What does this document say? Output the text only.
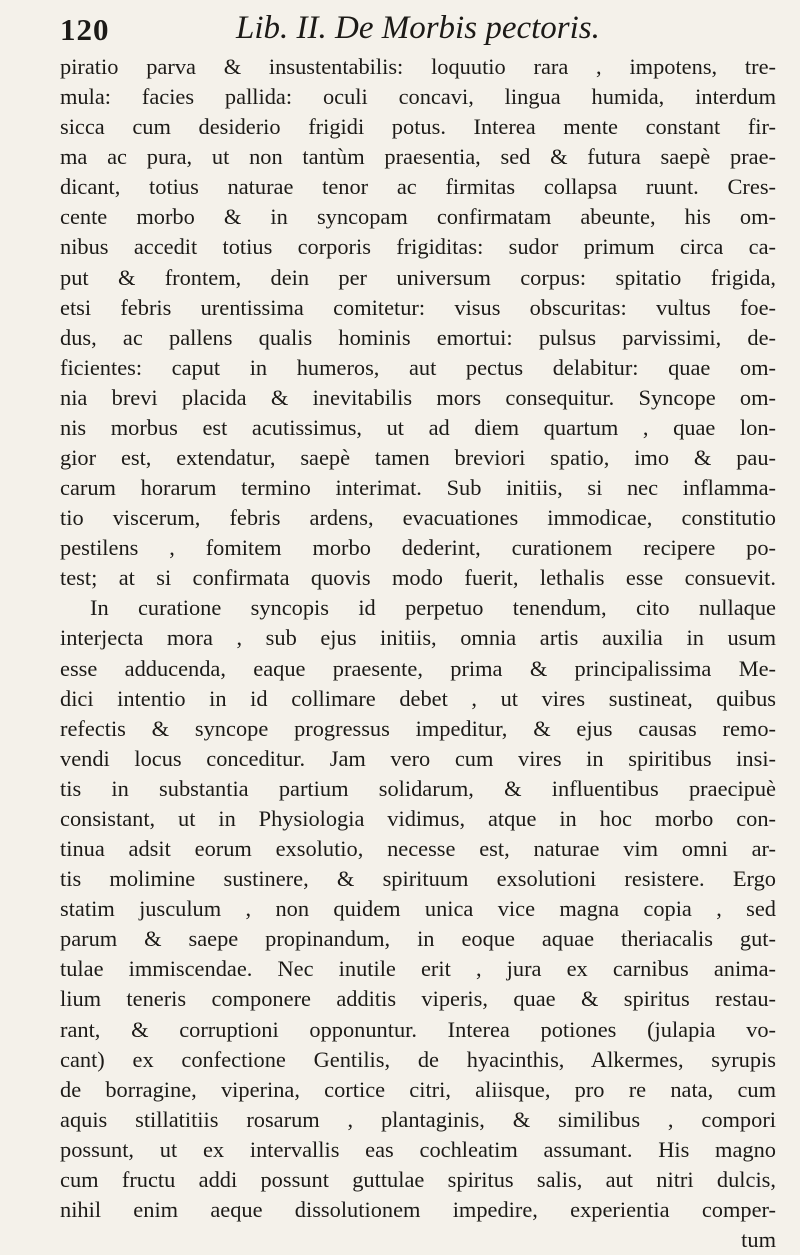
120	Lib. II. De Morbis pectoris.
piratio parva & insustentabilis: loquutio rara , impotens, tre-
mula: facies pallida: oculi concavi, lingua humida, interdum
sicca cum desiderio frigidi potus. Interea mente constant fir-
ma ac pura, ut non tantùm praesentia, sed & futura saepè prae-
dicant, totius naturae tenor ac firmitas collapsa ruunt. Cres-
cente morbo & in syncopam confirmatam abeunte, his om-
nibus accedit totius corporis frigiditas: sudor primum circa ca-
put & frontem, dein per universum corpus: spitatio frigida,
etsi febris urentissima comitetur: visus obscuritas: vultus foe-
dus, ac pallens qualis hominis emortui: pulsus parvissimi, de-
ficientes: caput in humeros, aut pectus delabitur: quae om-
nia brevi placida & inevitabilis mors consequitur. Syncope om-
nis morbus est acutissimus, ut ad diem quartum , quae lon-
gior est, extendatur, saepè tamen breviori spatio, imo & pau-
carum horarum termino interimat. Sub initiis, si nec inflamma-
tio viscerum, febris ardens, evacuationes immodicae, constitutio
pestilens , fomitem morbo dederint, curationem recipere po-
test; at si confirmata quovis modo fuerit, lethalis esse consuevit.
In curatione syncopis id perpetuo tenendum, cito nullaque
interjecta mora , sub ejus initiis, omnia artis auxilia in usum
esse adducenda, eaque praesente, prima & principalissima Me-
dici intentio in id collimare debet , ut vires sustineat, quibus
refectis & syncope progressus impeditur, & ejus causas remo-
vendi locus conceditur. Jam vero cum vires in spiritibus insi-
tis in substantia partium solidarum, & influentibus praecipuè
consistant, ut in Physiologia vidimus, atque in hoc morbo con-
tinua adsit eorum exsolutio, necesse est, naturae vim omni ar-
tis molimine sustinere, & spirituum exsolutioni resistere. Ergo
statim jusculum , non quidem unica vice magna copia , sed
parum & saepe propinandum, in eoque aquae theriacalis gut-
tulae immiscendae. Nec inutile erit , jura ex carnibus anima-
lium teneris componere additis viperis, quae & spiritus restau-
rant, & corruptioni opponuntur. Interea potiones (julapia vo-
cant) ex confectione Gentilis, de hyacinthis, Alkermes, syrupis
de borragine, viperina, cortice citri, aliisque, pro re nata, cum
aquis stillatitiis rosarum , plantaginis, & similibus , compori
possunt, ut ex intervallis eas cochleatim assumant. His magno
cum fructu addi possunt guttulae spiritus salis, aut nitri dulcis,
nihil enim aeque dissolutionem impedire, experientia comper-
tum
